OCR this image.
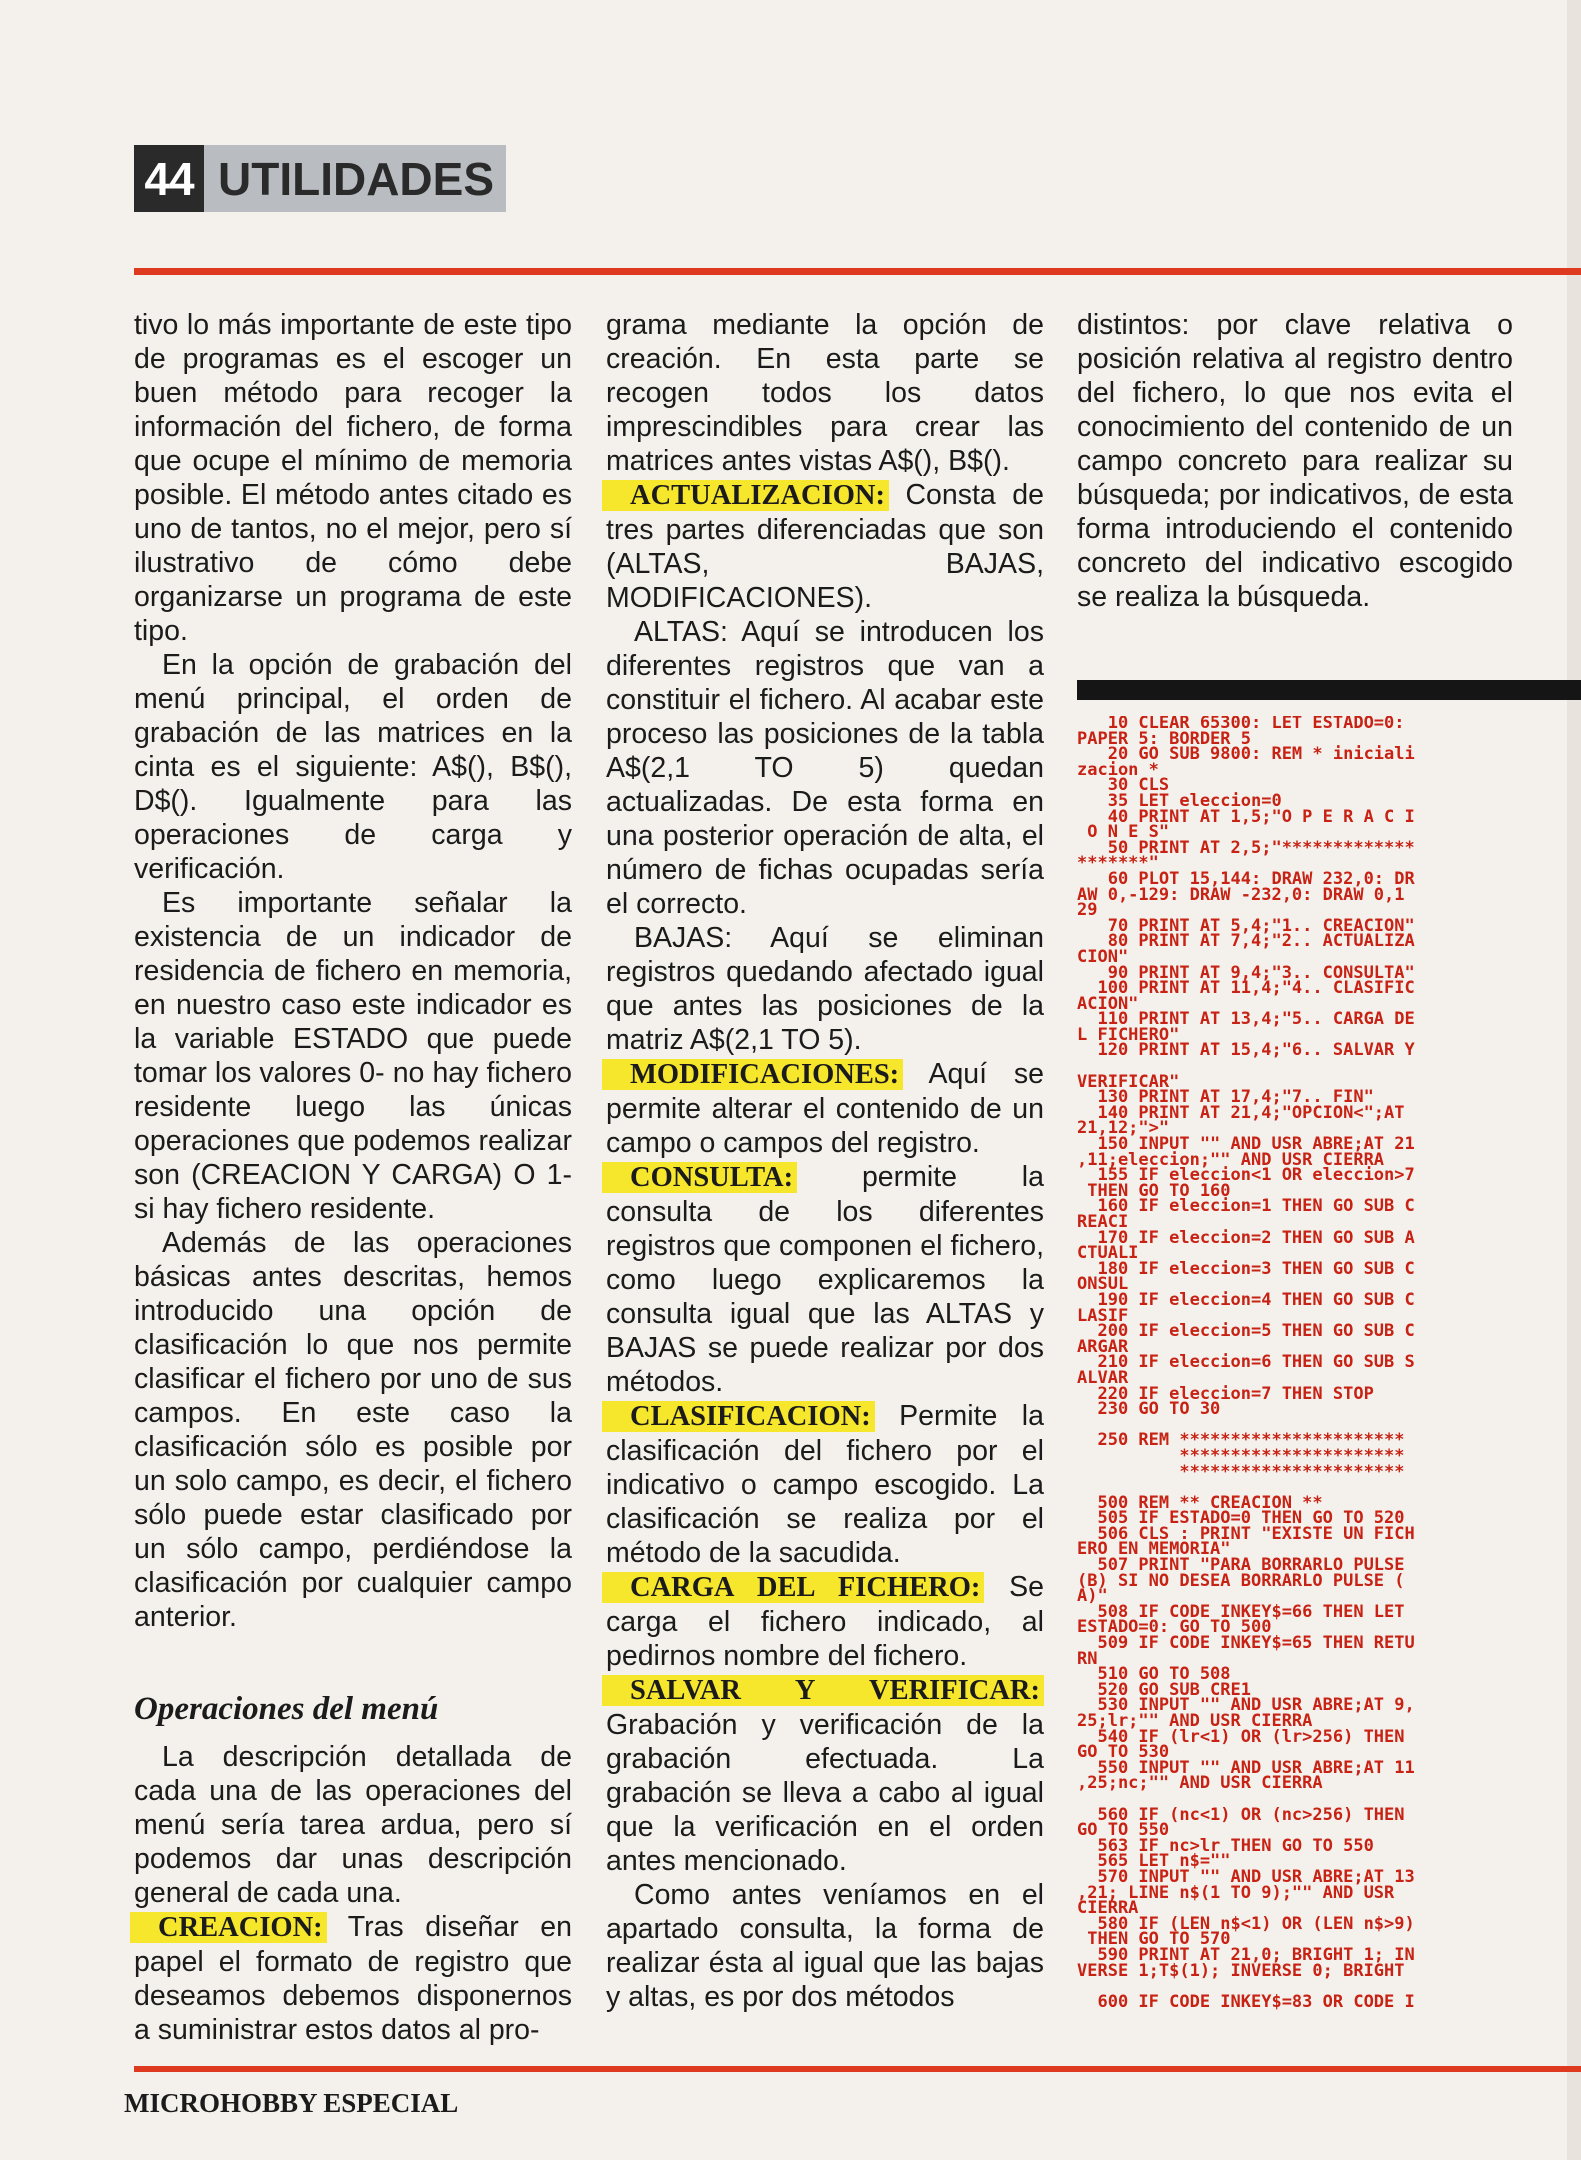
44 UTILIDADES

tivo lo más importante de este tipo de programas es el escoger un buen método para recoger la información del fichero, de forma que ocupe el mínimo de memoria posible. El método antes citado es uno de tantos, no el mejor, pero sí ilustrativo de cómo debe organizarse un programa de este tipo.

En la opción de grabación del menú principal, el orden de grabación de las matrices en la cinta es el siguiente: A$(), B$(), D$(). Igualmente para las operaciones de carga y verificación.

Es importante señalar la existencia de un indicador de residencia de fichero en memoria, en nuestro caso este indicador es la variable ESTADO que puede tomar los valores 0- no hay fichero residente luego las únicas operaciones que podemos realizar son (CREACION Y CARGA) O 1- si hay fichero residente.

Además de las operaciones básicas antes descritas, hemos introducido una opción de clasificación lo que nos permite clasificar el fichero por uno de sus campos. En este caso la clasificación sólo es posible por un solo campo, es decir, el fichero sólo puede estar clasificado por un sólo campo, perdiéndose la clasificación por cualquier campo anterior.

Operaciones del menú

La descripción detallada de cada una de las operaciones del menú sería tarea ardua, pero sí podemos dar unas descripción general de cada una.

CREACION: Tras diseñar en papel el formato de registro que deseamos debemos disponernos a suministrar estos datos al pro-

grama mediante la opción de creación. En esta parte se recogen todos los datos imprescindibles para crear las matrices antes vistas A$(), B$().

ACTUALIZACION: Consta de tres partes diferenciadas que son (ALTAS, BAJAS, MODIFICACIONES).

ALTAS: Aquí se introducen los diferentes registros que van a constituir el fichero. Al acabar este proceso las posiciones de la tabla A$(2,1 TO 5) quedan actualizadas. De esta forma en una posterior operación de alta, el número de fichas ocupadas sería el correcto.

BAJAS: Aquí se eliminan registros quedando afectado igual que antes las posiciones de la matriz A$(2,1 TO 5).

MODIFICACIONES: Aquí se permite alterar el contenido de un campo o campos del registro.

CONSULTA: permite la consulta de los diferentes registros que componen el fichero, como luego explicaremos la consulta igual que las ALTAS y BAJAS se puede realizar por dos métodos.

CLASIFICACION: Permite la clasificación del fichero por el indicativo o campo escogido. La clasificación se realiza por el método de la sacudida.

CARGA DEL FICHERO: Se carga el fichero indicado, al pedirnos nombre del fichero.

SALVAR Y VERIFICAR: Grabación y verificación de la grabación efectuada. La grabación se lleva a cabo al igual que la verificación en el orden antes mencionado.

Como antes veníamos en el apartado consulta, la forma de realizar ésta al igual que las bajas y altas, es por dos métodos

distintos: por clave relativa o posición relativa al registro dentro del fichero, lo que nos evita el conocimiento del contenido de un campo concreto para realizar su búsqueda; por indicativos, de esta forma introduciendo el contenido concreto del indicativo escogido se realiza la búsqueda.

10 CLEAR 65300: LET ESTADO=0:
PAPER 5: BORDER 5
20 GO SUB 9800: REM * iniciali
zacion *
30 CLS
35 LET eleccion=0
40 PRINT AT 1,5;"O P E R A C I
O N E S"
50 PRINT AT 2,5;"*************
*******"
60 PLOT 15,144: DRAW 232,0: DR
AW 0,-129: DRAW -232,0: DRAW 0,1
29
70 PRINT AT 5,4;"1.. CREACION"
80 PRINT AT 7,4;"2.. ACTUALIZA
CION"
90 PRINT AT 9,4;"3.. CONSULTA"
100 PRINT AT 11,4;"4.. CLASIFIC
ACION"
110 PRINT AT 13,4;"5.. CARGA DE
L FICHERO"
120 PRINT AT 15,4;"6.. SALVAR Y

VERIFICAR"
130 PRINT AT 17,4;"7.. FIN"
140 PRINT AT 21,4;"OPCION<";AT
21,12;">"
150 INPUT "" AND USR ABRE;AT 21
,11;eleccion;"" AND USR CIERRA
155 IF eleccion<1 OR eleccion>7
THEN GO TO 160
160 IF eleccion=1 THEN GO SUB C
REACI
170 IF eleccion=2 THEN GO SUB A
CTUALI
180 IF eleccion=3 THEN GO SUB C
ONSUL
190 IF eleccion=4 THEN GO SUB C
LASIF
200 IF eleccion=5 THEN GO SUB C
ARGAR
210 IF eleccion=6 THEN GO SUB S
ALVAR
220 IF eleccion=7 THEN STOP
230 GO TO 30

250 REM **********************
**********************
**********************

500 REM ** CREACION **
505 IF ESTADO=0 THEN GO TO 520
506 CLS : PRINT "EXISTE UN FICH
ERO EN MEMORIA"
507 PRINT "PARA BORRARLO PULSE
(B) SI NO DESEA BORRARLO PULSE (
A)"
508 IF CODE INKEY$=66 THEN LET
ESTADO=0: GO TO 500
509 IF CODE INKEY$=65 THEN RETU
RN
510 GO TO 508
520 GO SUB CRE1
530 INPUT "" AND USR ABRE;AT 9,
25;lr;"" AND USR CIERRA
540 IF (lr<1) OR (lr>256) THEN
GO TO 530
550 INPUT "" AND USR ABRE;AT 11
,25;nc;"" AND USR CIERRA

560 IF (nc<1) OR (nc>256) THEN
GO TO 550
563 IF nc>lr THEN GO TO 550
565 LET n$=""
570 INPUT "" AND USR ABRE;AT 13
,21; LINE n$(1 TO 9);"" AND USR
CIERRA
580 IF (LEN n$<1) OR (LEN n$>9)
THEN GO TO 570
590 PRINT AT 21,0; BRIGHT 1; IN
VERSE 1;T$(1); INVERSE 0; BRIGHT

600 IF CODE INKEY$=83 OR CODE I
MICROHOBBY ESPECIAL
